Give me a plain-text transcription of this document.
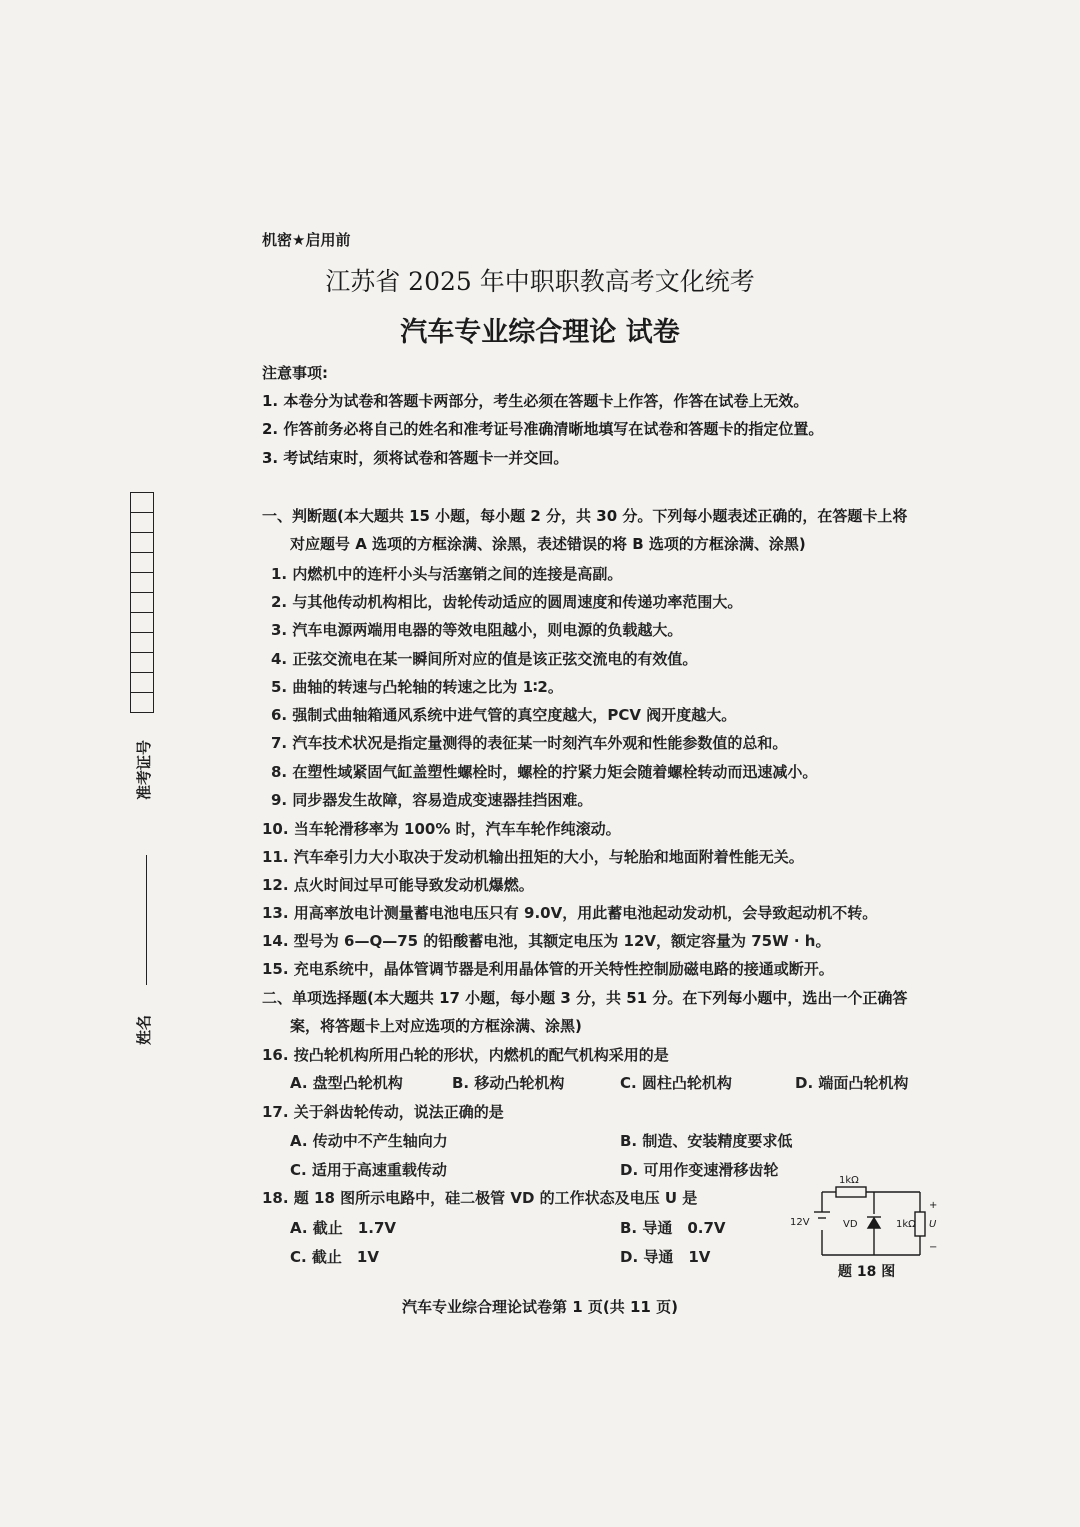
机密★启用前
江苏省 2025 年中职职教高考文化统考
汽车专业综合理论 试卷
注意事项:
1. 本卷分为试卷和答题卡两部分，考生必须在答题卡上作答，作答在试卷上无效。
2. 作答前务必将自己的姓名和准考证号准确清晰地填写在试卷和答题卡的指定位置。
3. 考试结束时，须将试卷和答题卡一并交回。
准考证号
姓名
一、判断题(本大题共 15 小题，每小题 2 分，共 30 分。下列每小题表述正确的，在答题卡上将
对应题号 A 选项的方框涂满、涂黑，表述错误的将 B 选项的方框涂满、涂黑)
1. 内燃机中的连杆小头与活塞销之间的连接是高副。
2. 与其他传动机构相比，齿轮传动适应的圆周速度和传递功率范围大。
3. 汽车电源两端用电器的等效电阻越小，则电源的负载越大。
4. 正弦交流电在某一瞬间所对应的值是该正弦交流电的有效值。
5. 曲轴的转速与凸轮轴的转速之比为 1∶2。
6. 强制式曲轴箱通风系统中进气管的真空度越大，PCV 阀开度越大。
7. 汽车技术状况是指定量测得的表征某一时刻汽车外观和性能参数值的总和。
8. 在塑性域紧固气缸盖塑性螺栓时，螺栓的拧紧力矩会随着螺栓转动而迅速减小。
9. 同步器发生故障，容易造成变速器挂挡困难。
10. 当车轮滑移率为 100% 时，汽车车轮作纯滚动。
11. 汽车牵引力大小取决于发动机输出扭矩的大小，与轮胎和地面附着性能无关。
12. 点火时间过早可能导致发动机爆燃。
13. 用高率放电计测量蓄电池电压只有 9.0V，用此蓄电池起动发动机，会导致起动机不转。
14. 型号为 6—Q—75 的铅酸蓄电池，其额定电压为 12V，额定容量为 75W · h。
15. 充电系统中，晶体管调节器是利用晶体管的开关特性控制励磁电路的接通或断开。
二、单项选择题(本大题共 17 小题，每小题 3 分，共 51 分。在下列每小题中，选出一个正确答
案，将答题卡上对应选项的方框涂满、涂黑)
16. 按凸轮机构所用凸轮的形状，内燃机的配气机构采用的是
A. 盘型凸轮机构	B. 移动凸轮机构	C. 圆柱凸轮机构	D. 端面凸轮机构
17. 关于斜齿轮传动，说法正确的是
A. 传动中不产生轴向力	B. 制造、安装精度要求低
C. 适用于高速重载传动	D. 可用作变速滑移齿轮
18. 题 18 图所示电路中，硅二极管 VD 的工作状态及电压 U 是
A. 截止　1.7V	B. 导通　0.7V
C. 截止　1V	D. 导通　1V
1kΩ
12V	VD	1kΩ
+
U
−
题 18 图
汽车专业综合理论试卷第 1 页(共 11 页)
